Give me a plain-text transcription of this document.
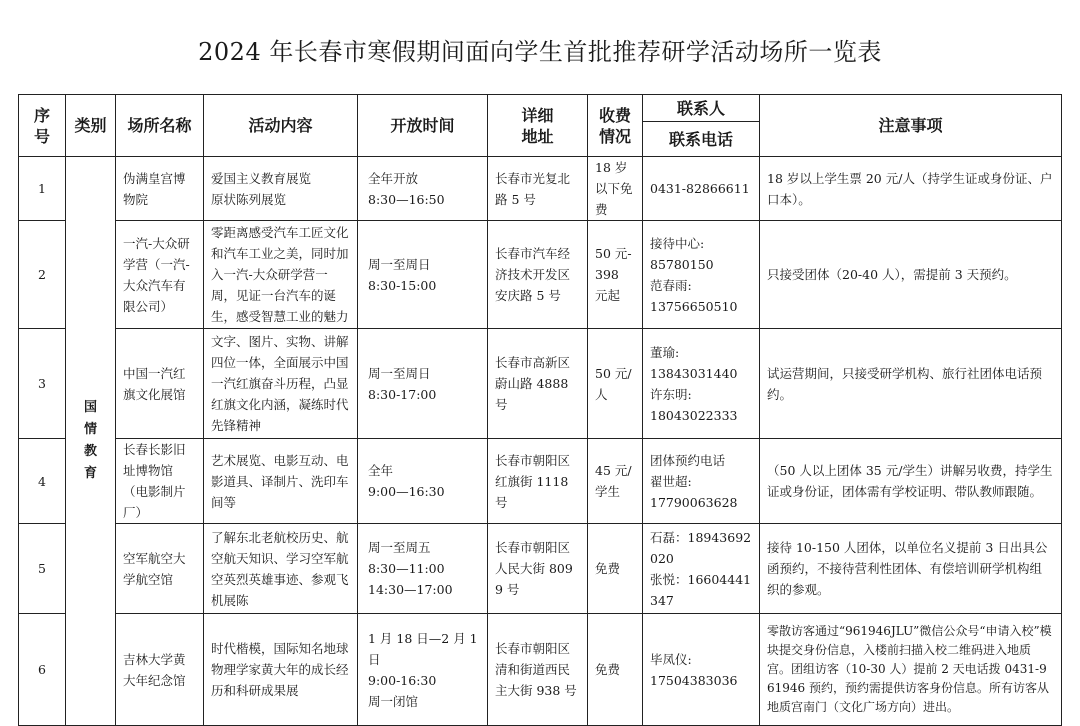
2024 年长春市寒假期间面向学生首批推荐研学活动场所一览表
序号	类别	场所名称	活动内容	开放时间	详细地址	收费情况	联系人	注意事项
							联系电话	
1	国情教育	伪满皇宫博物院	爱国主义教育展览
原状陈列展览	全年开放
8:30—16:50	长春市光复北路 5 号	18 岁以下免费	0431-82866611	18 岁以上学生票 20 元/人（持学生证或身份证、户口本）。
2		一汽-大众研学营（一汽-大众汽车有限公司）	零距离感受汽车工匠文化和汽车工业之美，同时加入一汽-大众研学营一周，见证一台汽车的诞生，感受智慧工业的魅力	周一至周日
8:30-15:00	长春市汽车经济技术开发区安庆路 5 号	50 元-398 元起	接待中心:
85780150
范春雨:
13756650510	只接受团体（20-40 人），需提前 3 天预约。
3		中国一汽红旗文化展馆	文字、图片、实物、讲解四位一体，全面展示中国一汽红旗奋斗历程，凸显红旗文化内涵，凝练时代先锋精神	周一至周日
8:30-17:00	长春市高新区蔚山路 4888 号	50 元/人	董瑜:
13843031440
许东明:
18043022333	试运营期间，只接受研学机构、旅行社团体电话预约。
4		长春长影旧址博物馆（电影制片厂）	艺术展览、电影互动、电影道具、译制片、洗印车间等	全年
9:00—16:30	长春市朝阳区红旗街 1118 号	45 元/学生	团体预约电话
翟世超:
17790063628	（50 人以上团体 35 元/学生）讲解另收费，持学生证或身份证，团体需有学校证明、带队教师跟随。
5		空军航空大学航空馆	了解东北老航校历史、航空航天知识、学习空军航空英烈英雄事迹、参观飞机展陈	周一至周五
8:30—11:00
14:30—17:00	长春市朝阳区人民大街 8099 号	免费	石磊：18943692020
张悦：16604441347	接待 10-150 人团体，以单位名义提前 3 日出具公函预约，不接待营利性团体、有偿培训研学机构组织的参观。
6		吉林大学黄大年纪念馆	时代楷模，国际知名地球物理学家黄大年的成长经历和科研成果展	1 月 18 日—2 月 1 日
9:00-16:30
周一闭馆	长春市朝阳区清和街道西民主大街 938 号	免费	毕凤仪:
17504383036	零散访客通过“961946JLU”微信公众号“申请入校”模块提交身份信息，入楼前扫描入校二维码进入地质宫。团组访客（10-30 人）提前 2 天电话拨 0431-961946 预约，预约需提供访客身份信息。所有访客从地质宫南门（文化广场方向）进出。
